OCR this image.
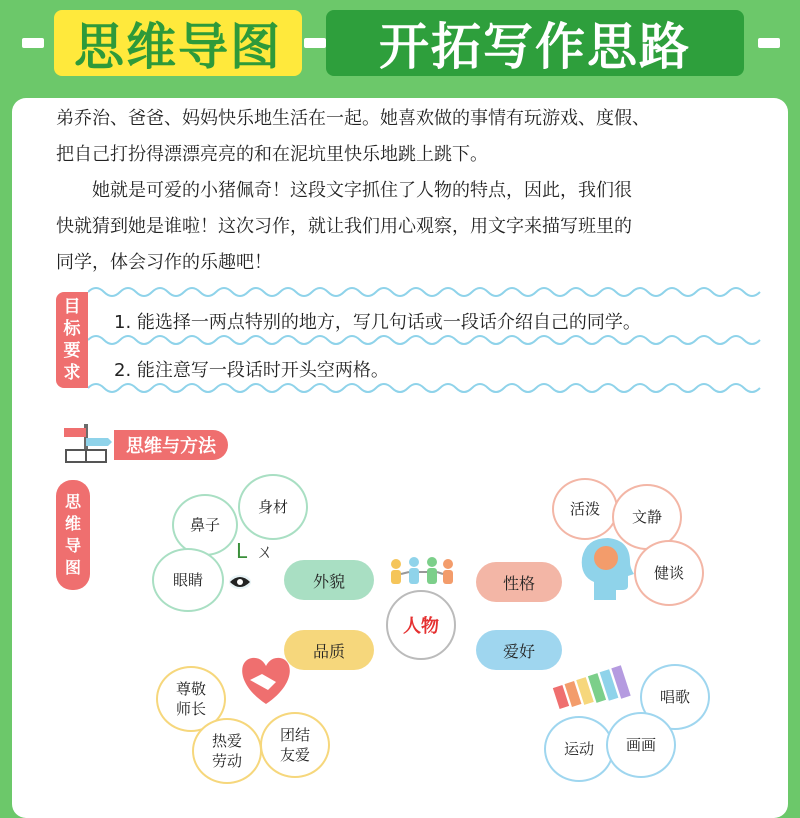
思维导图	开拓写作思路
弟乔治、爸爸、妈妈快乐地生活在一起。她喜欢做的事情有玩游戏、度假、
把自己打扮得漂漂亮亮的和在泥坑里快乐地跳上跳下。
她就是可爱的小猪佩奇！这段文字抓住了人物的特点，因此，我们很
快就猜到她是谁啦！这次习作，就让我们用心观察，用文字来描写班里的
同学，体会习作的乐趣吧！
目
标
要
求
1. 能选择一两点特别的地方，写几句话或一段话介绍自己的同学。
2. 能注意写一段话时开头空两格。
思维与方法
思
维
导
图
人物
鼻子
身材
眼睛
L ㄨ
外貌	性格
活泼	文静
健谈
品质
尊敬
师长
热爱
劳动
团结
友爱
爱好
唱歌
运动	画画
